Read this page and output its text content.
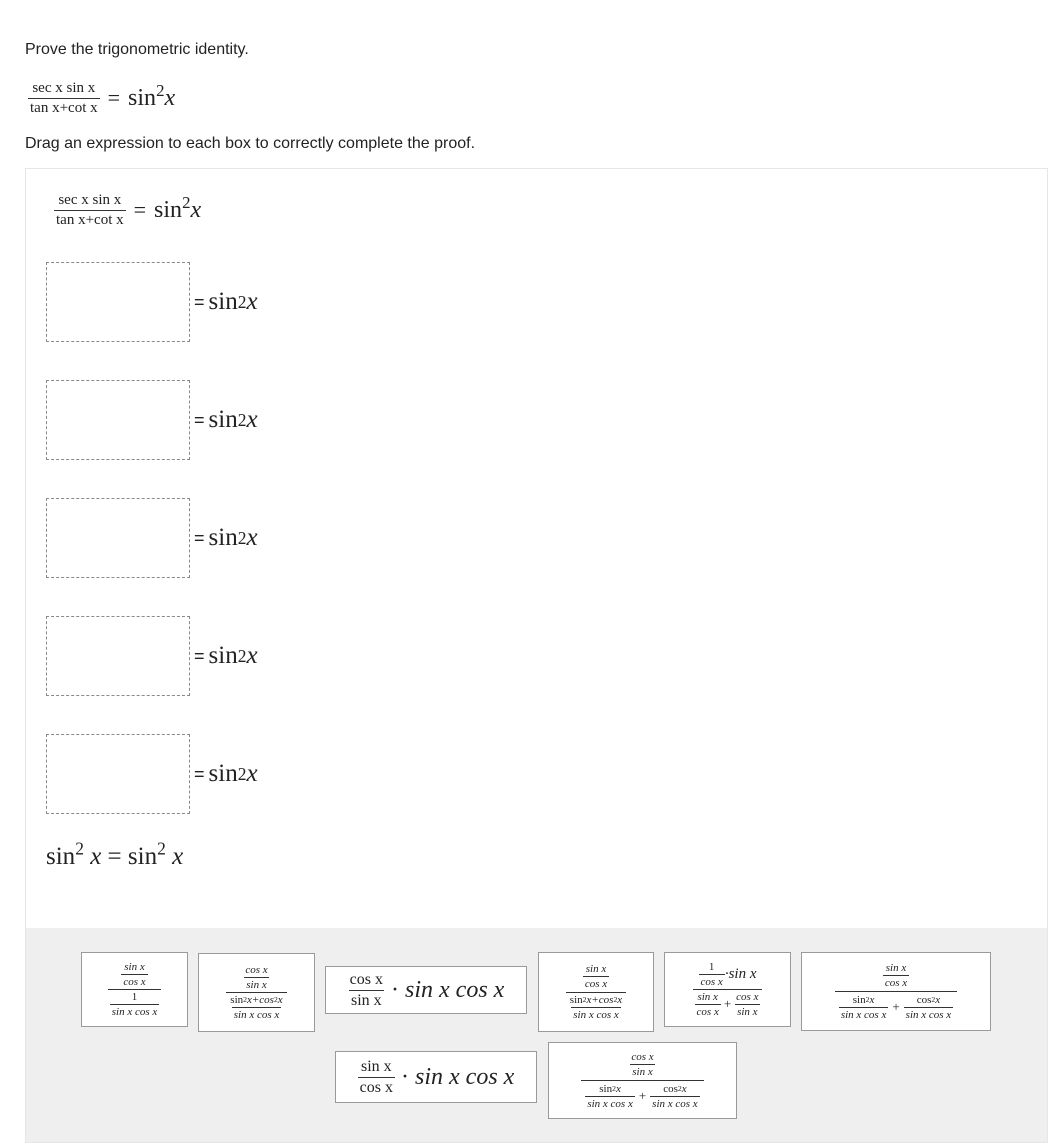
Prove the trigonometric identity.
$\frac{\text{sec x sin x}}{\text{tan x+cot x}} = \sin^2x$
Drag an expression to each box to correctly complete the proof.
$\frac{\text{sec x sin x}}{\text{tan x+cot x}} = \sin^2x$
= sin 2 x
= sin 2 x
= sin 2 x
= sin 2 x
= sin 2 x
$\sin^2 x = \sin^2 x$
$\frac{\frac{\text{sin x}}{\text{cos x}}}{\frac{1}{\text{sin x cos x}}}$	$\frac{\frac{\text{cos x}}{\text{sin x}}}{\frac{\sin 2 x+\cos 2 x}{\text{sin x cos x}}}$	$\frac{\text{cos x}}{\text{sin x}} \cdot \sin x$ cos x	$\frac{\frac{\text{sin x}}{\text{cos x}}}{\frac{\sin 2 x+\cos 2 x}{\text{sin x cos x}}}$	$\frac{1}{\text{cos x}} \cdot\sin$ x
$\frac{\text{sin x}}{\text{cos x}} + \frac{\text{cos x}}{\text{sin x}}$
$\frac{\text{sin x}}{\text{cos x}}$
$\frac{\sin 2 x}{\text{sin x cos x}} + \frac{\cos 2 x}{\text{sin x cos x}}$
$\frac{\text{sin x}}{\text{cos x}} \cdot \sin x$ cos x	$\frac{\text{cos x}}{\text{sin x}}$
$\frac{\sin 2 x}{\text{sin x cos x}} + \frac{\cos 2 x}{\text{sin x cos x}}$
